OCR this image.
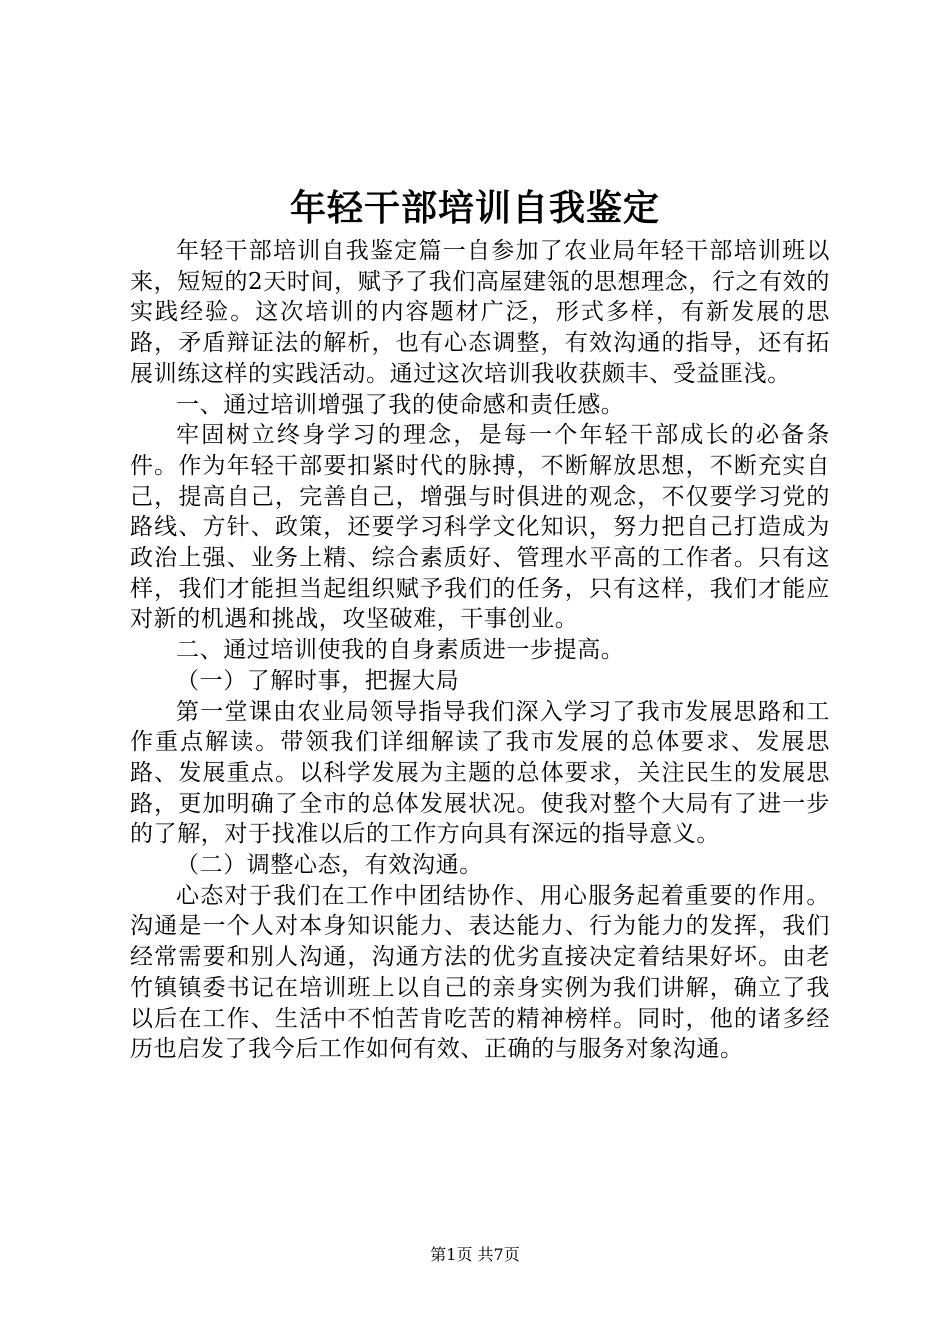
年轻干部培训自我鉴定

年轻干部培训自我鉴定篇一自参加了农业局年轻干部培训班以来，短短的2天时间，赋予了我们高屋建瓴的思想理念，行之有效的实践经验。这次培训的内容题材广泛，形式多样，有新发展的思路，矛盾辩证法的解析，也有心态调整，有效沟通的指导，还有拓展训练这样的实践活动。通过这次培训我收获颇丰、受益匪浅。

一、通过培训增强了我的使命感和责任感。

牢固树立终身学习的理念，是每一个年轻干部成长的必备条件。作为年轻干部要扣紧时代的脉搏，不断解放思想，不断充实自己，提高自己，完善自己，增强与时俱进的观念，不仅要学习党的路线、方针、政策，还要学习科学文化知识，努力把自己打造成为政治上强、业务上精、综合素质好、管理水平高的工作者。只有这样，我们才能担当起组织赋予我们的任务，只有这样，我们才能应对新的机遇和挑战，攻坚破难，干事创业。

二、通过培训使我的自身素质进一步提高。

（一）了解时事，把握大局

第一堂课由农业局领导指导我们深入学习了我市发展思路和工作重点解读。带领我们详细解读了我市发展的总体要求、发展思路、发展重点。以科学发展为主题的总体要求，关注民生的发展思路，更加明确了全市的总体发展状况。使我对整个大局有了进一步的了解，对于找准以后的工作方向具有深远的指导意义。

（二）调整心态，有效沟通。

心态对于我们在工作中团结协作、用心服务起着重要的作用。沟通是一个人对本身知识能力、表达能力、行为能力的发挥，我们经常需要和别人沟通，沟通方法的优劣直接决定着结果好坏。由老竹镇镇委书记在培训班上以自己的亲身实例为我们讲解，确立了我以后在工作、生活中不怕苦肯吃苦的精神榜样。同时，他的诸多经历也启发了我今后工作如何有效、正确的与服务对象沟通。

第1页 共7页
